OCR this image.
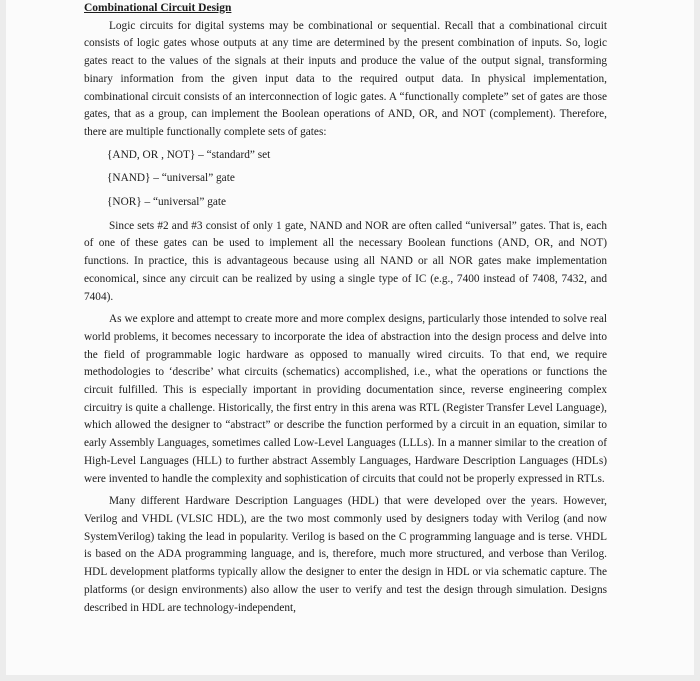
Combinational Circuit Design

Logic circuits for digital systems may be combinational or sequential. Recall that a combinational circuit consists of logic gates whose outputs at any time are determined by the present combination of inputs. So, logic gates react to the values of the signals at their inputs and produce the value of the output signal, transforming binary information from the given input data to the required output data. In physical implementation, combinational circuit consists of an interconnection of logic gates. A “functionally complete” set of gates are those gates, that as a group, can implement the Boolean operations of AND, OR, and NOT (complement). Therefore, there are multiple functionally complete sets of gates:

{AND, OR , NOT} – “standard” set
{NAND} – “universal” gate
{NOR} – “universal” gate

Since sets #2 and #3 consist of only 1 gate, NAND and NOR are often called “universal” gates. That is, each of one of these gates can be used to implement all the necessary Boolean functions (AND, OR, and NOT) functions. In practice, this is advantageous because using all NAND or all NOR gates make implementation economical, since any circuit can be realized by using a single type of IC (e.g., 7400 instead of 7408, 7432, and 7404).

As we explore and attempt to create more and more complex designs, particularly those intended to solve real world problems, it becomes necessary to incorporate the idea of abstraction into the design process and delve into the field of programmable logic hardware as opposed to manually wired circuits. To that end, we require methodologies to ‘describe’ what circuits (schematics) accomplished, i.e., what the operations or functions the circuit fulfilled. This is especially important in providing documentation since, reverse engineering complex circuitry is quite a challenge. Historically, the first entry in this arena was RTL (Register Transfer Level Language), which allowed the designer to “abstract” or describe the function performed by a circuit in an equation, similar to early Assembly Languages, sometimes called Low-Level Languages (LLLs). In a manner similar to the creation of High-Level Languages (HLL) to further abstract Assembly Languages, Hardware Description Languages (HDLs) were invented to handle the complexity and sophistication of circuits that could not be properly expressed in RTLs.

Many different Hardware Description Languages (HDL) that were developed over the years. However, Verilog and VHDL (VLSIC HDL), are the two most commonly used by designers today with Verilog (and now SystemVerilog) taking the lead in popularity. Verilog is based on the C programming language and is terse. VHDL is based on the ADA programming language, and is, therefore, much more structured, and verbose than Verilog. HDL development platforms typically allow the designer to enter the design in HDL or via schematic capture. The platforms (or design environments) also allow the user to verify and test the design through simulation. Designs described in HDL are technology-independent,
